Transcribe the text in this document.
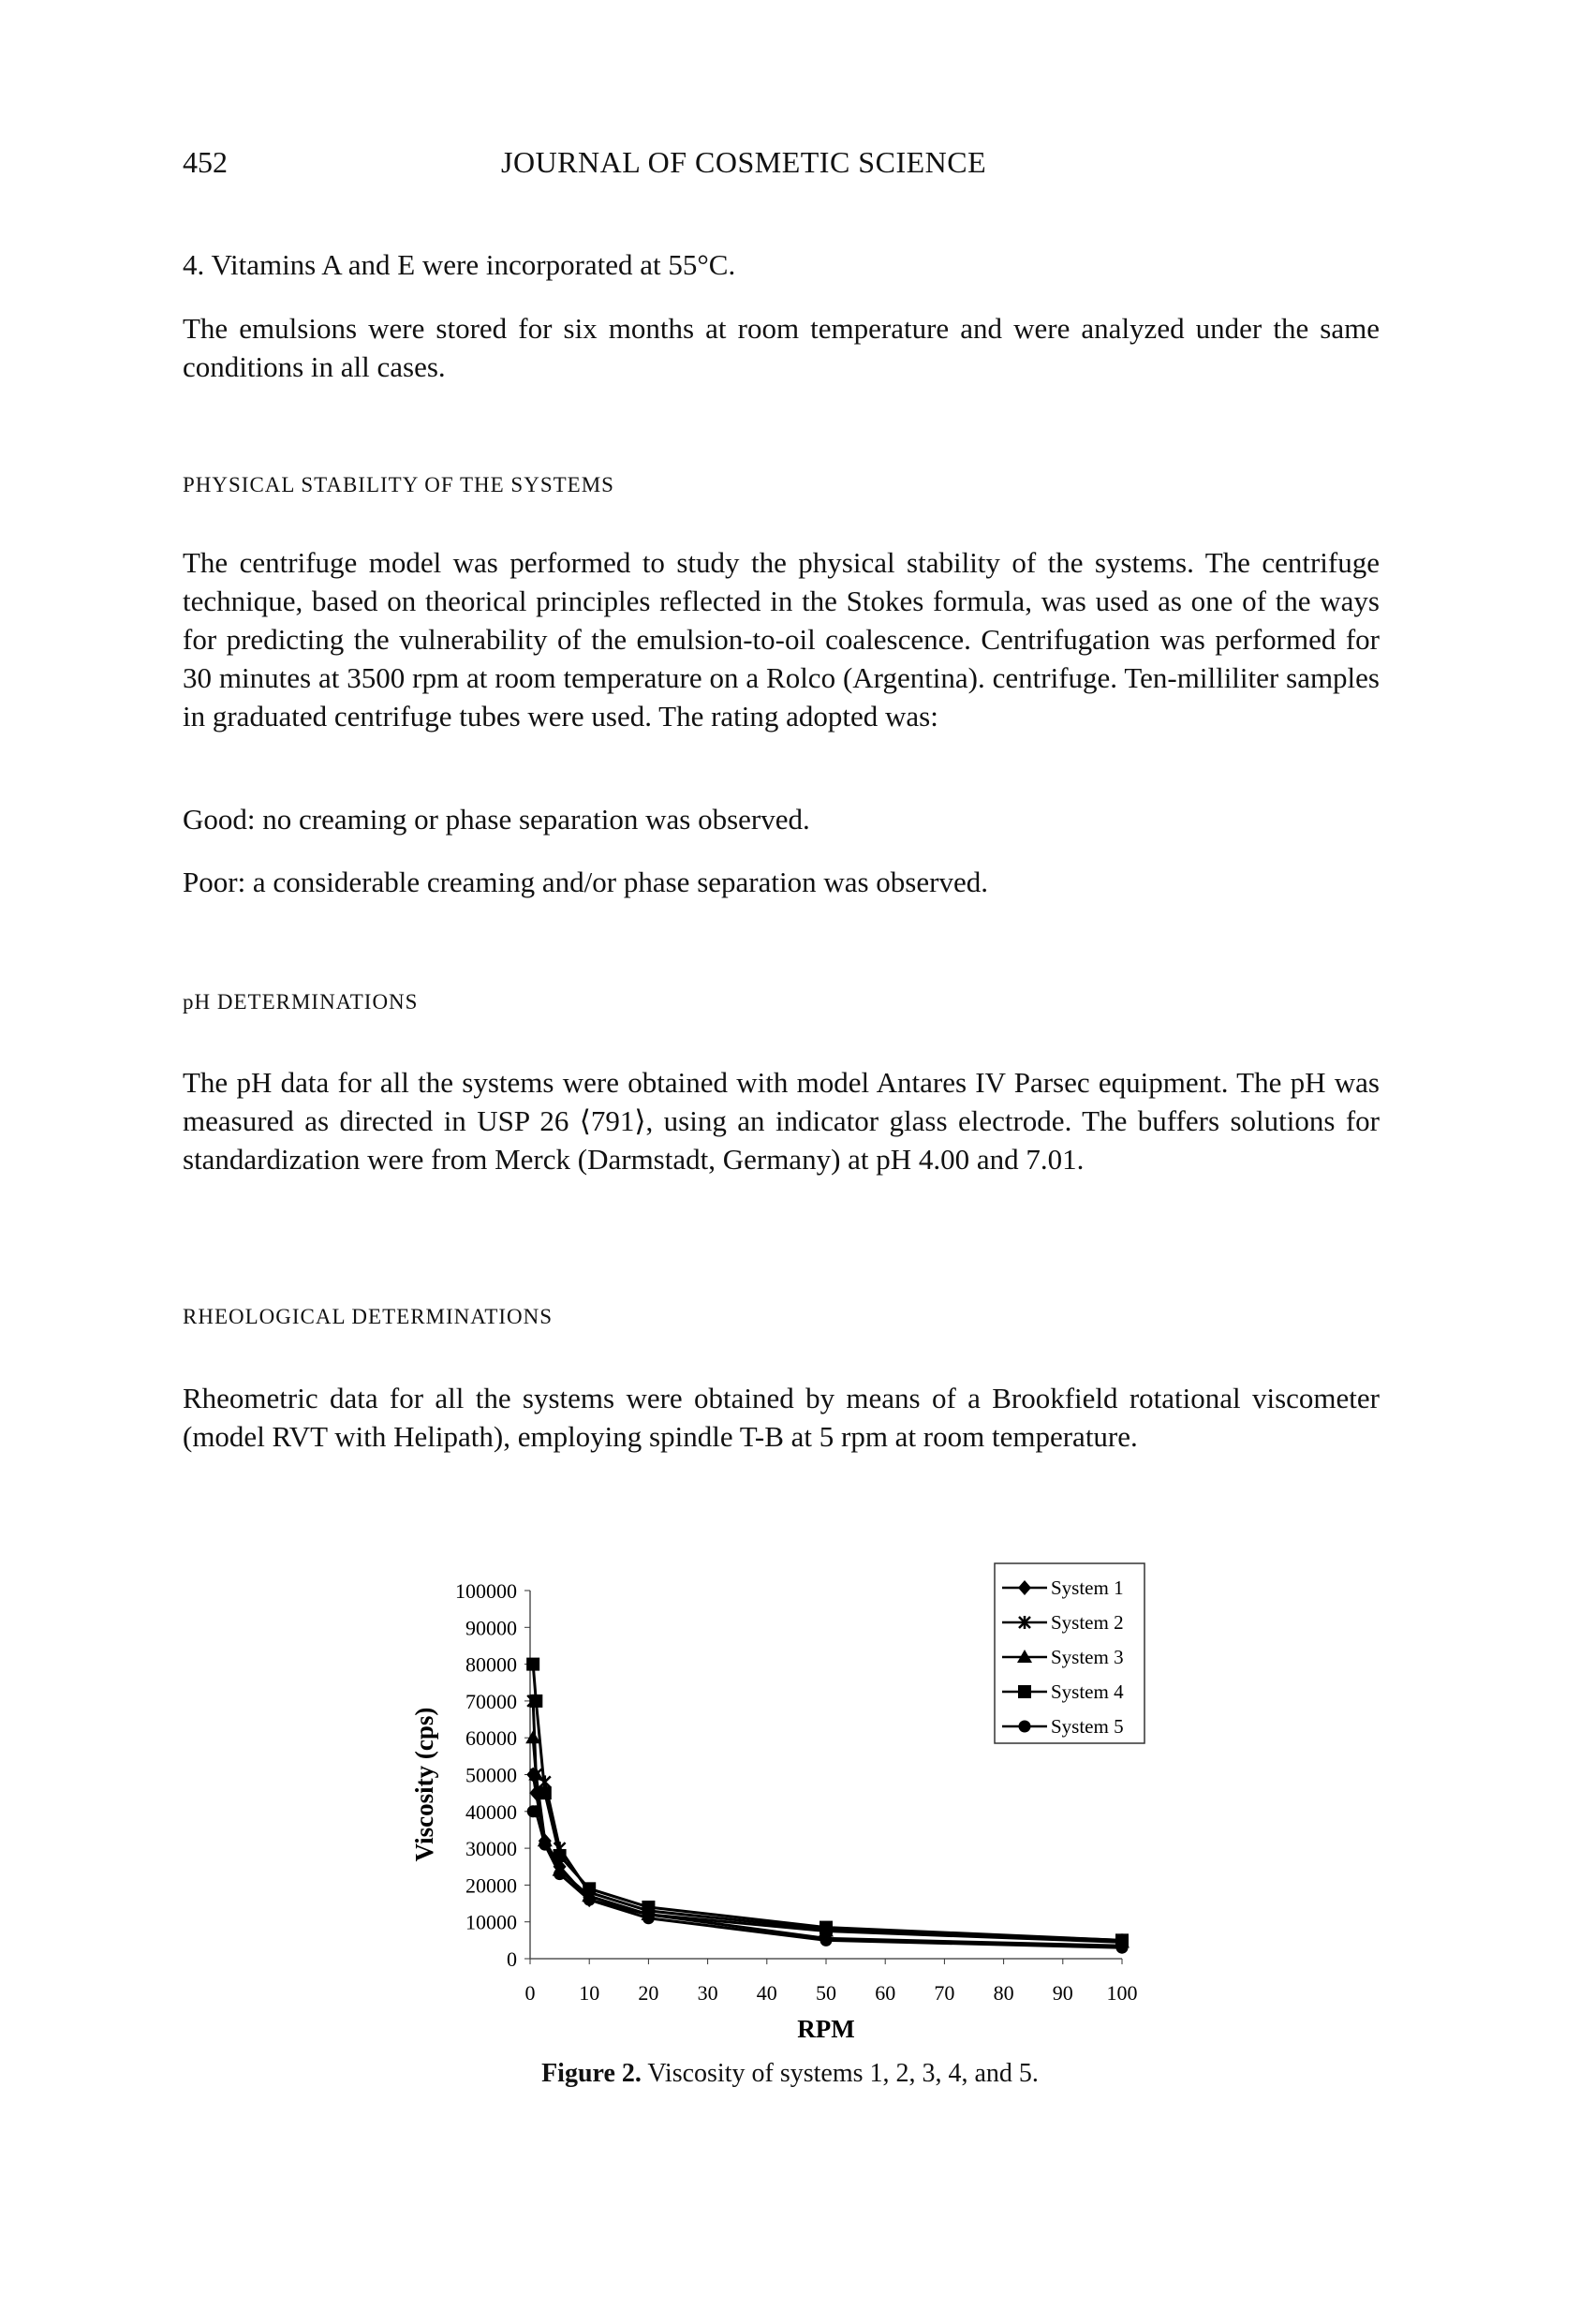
452	JOURNAL OF COSMETIC SCIENCE
4. Vitamins A and E were incorporated at 55°C.
The emulsions were stored for six months at room temperature and were analyzed under the same conditions in all cases.
PHYSICAL STABILITY OF THE SYSTEMS
The centrifuge model was performed to study the physical stability of the systems. The centrifuge technique, based on theorical principles reflected in the Stokes formula, was used as one of the ways for predicting the vulnerability of the emulsion-to-oil coalescence. Centrifugation was performed for 30 minutes at 3500 rpm at room temperature on a Rolco (Argentina). centrifuge. Ten-milliliter samples in graduated centrifuge tubes were used. The rating adopted was:
Good: no creaming or phase separation was observed.
Poor: a considerable creaming and/or phase separation was observed.
pH DETERMINATIONS
The pH data for all the systems were obtained with model Antares IV Parsec equipment. The pH was measured as directed in USP 26 ⟨791⟩, using an indicator glass electrode. The buffers solutions for standardization were from Merck (Darmstadt, Germany) at pH 4.00 and 7.01.
RHEOLOGICAL DETERMINATIONS
Rheometric data for all the systems were obtained by means of a Brookfield rotational viscometer (model RVT with Helipath), employing spindle T-B at 5 rpm at room temperature.
0
10000
20000
30000
40000
50000
60000
70000
80000
90000
100000
0 10 20 30 40 50 60 70 80 90 100
Viscosity (cps)
RPM
System 1
System 2
System 3
System 4
System 5
Figure 2. Viscosity of systems 1, 2, 3, 4, and 5.
